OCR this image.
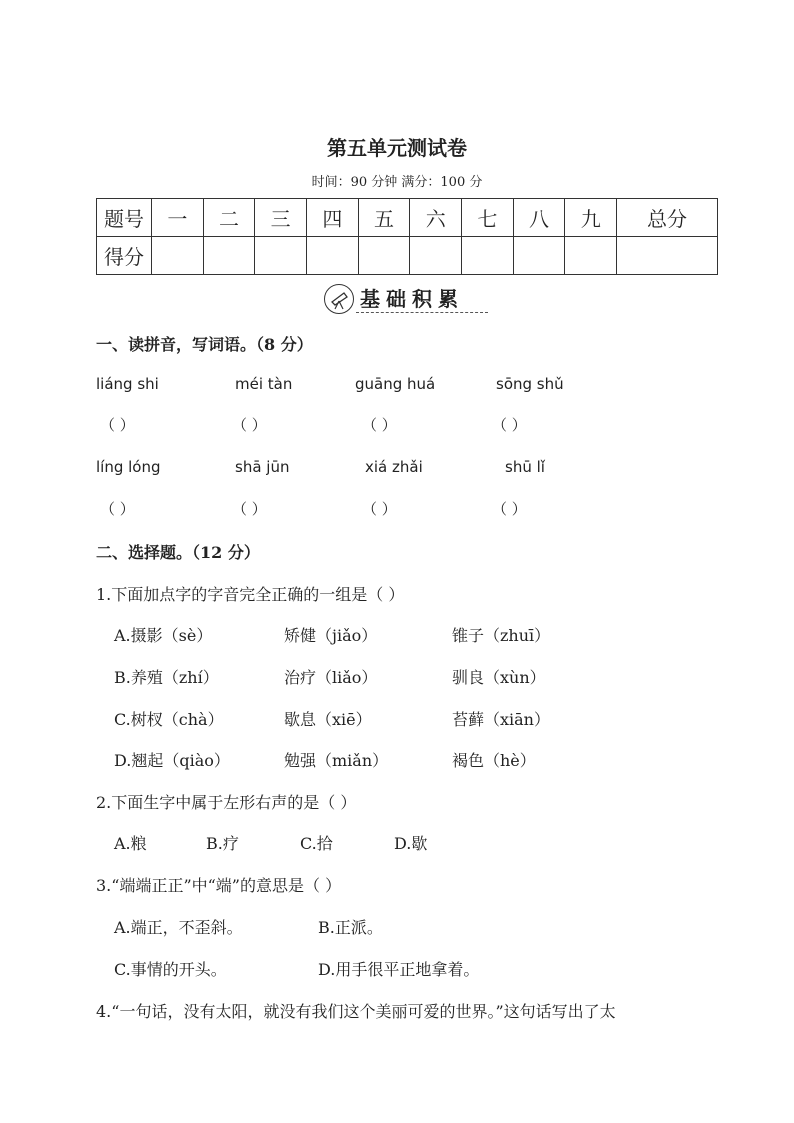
第五单元测试卷
时间：90 分钟 满分：100 分
题号	一	二	三	四	五	六	七	八	九	总分
得分										
基础积累
一、读拼音，写词语。（8 分）
liáng shi	méi tàn	guāng huá	sōng shǔ
（ ）	（ ）	（ ）	（ ）
líng lóng	shā jūn	xiá zhǎi	shū lǐ
（ ）	（ ）	（ ）	（ ）
二、选择题。（12 分）
1.下面加点字的字音完全正确的一组是（ ）
A.摄影（sè）	矫健（jiǎo）	锥子（zhuī）
B.养殖（zhí）	治疗（liǎo）	驯良（xùn）
C.树杈（chà）	歇息（xiē）	苔藓（xiān）
D.翘起（qiào）	勉强（miǎn）	褐色（hè）
2.下面生字中属于左形右声的是（ ）
A.粮	B.疗	C.拾	D.歇
3.“端端正正”中“端”的意思是（ ）
A.端正，不歪斜。	B.正派。
C.事情的开头。	D.用手很平正地拿着。
4.“一句话，没有太阳，就没有我们这个美丽可爱的世界。”这句话写出了太
